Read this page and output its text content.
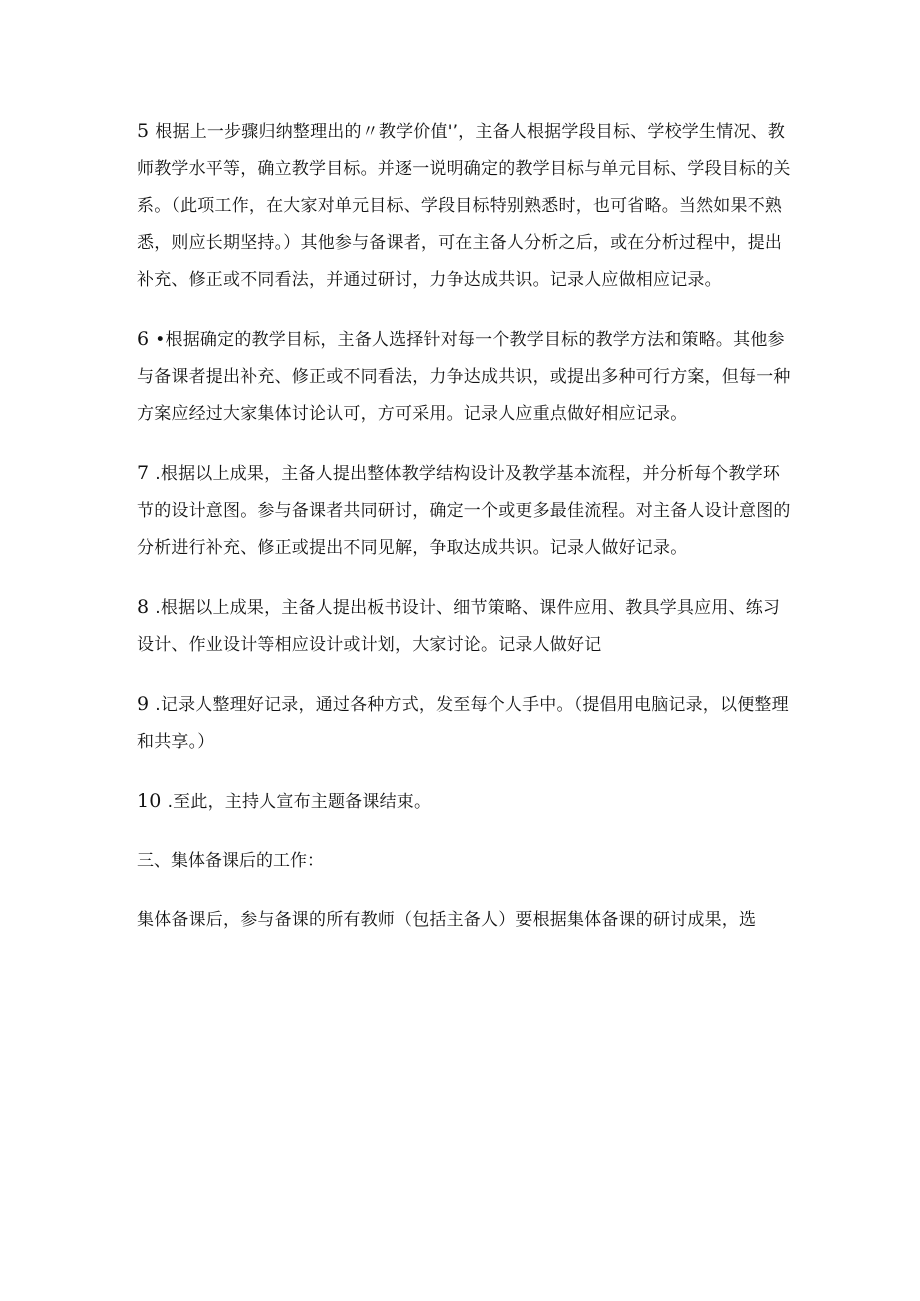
5 根据上一步骤归纳整理出的〃教学价值'’，主备人根据学段目标、学校学生情况、教师教学水平等，确立教学目标。并逐一说明确定的教学目标与单元目标、学段目标的关系。（此项工作，在大家对单元目标、学段目标特别熟悉时，也可省略。当然如果不熟悉，则应长期坚持。）其他参与备课者，可在主备人分析之后，或在分析过程中，提出补充、修正或不同看法，并通过研讨，力争达成共识。记录人应做相应记录。

6 •根据确定的教学目标，主备人选择针对每一个教学目标的教学方法和策略。其他参与备课者提出补充、修正或不同看法，力争达成共识，或提出多种可行方案，但每一种方案应经过大家集体讨论认可，方可采用。记录人应重点做好相应记录。

7 .根据以上成果，主备人提出整体教学结构设计及教学基本流程，并分析每个教学环节的设计意图。参与备课者共同研讨，确定一个或更多最佳流程。对主备人设计意图的分析进行补充、修正或提出不同见解，争取达成共识。记录人做好记录。

8 .根据以上成果，主备人提出板书设计、细节策略、课件应用、教具学具应用、练习设计、作业设计等相应设计或计划，大家讨论。记录人做好记

9 .记录人整理好记录，通过各种方式，发至每个人手中。（提倡用电脑记录，以便整理和共享。）

10 .至此，主持人宣布主题备课结束。

三、集体备课后的工作：

集体备课后，参与备课的所有教师（包括主备人）要根据集体备课的研讨成果，选
